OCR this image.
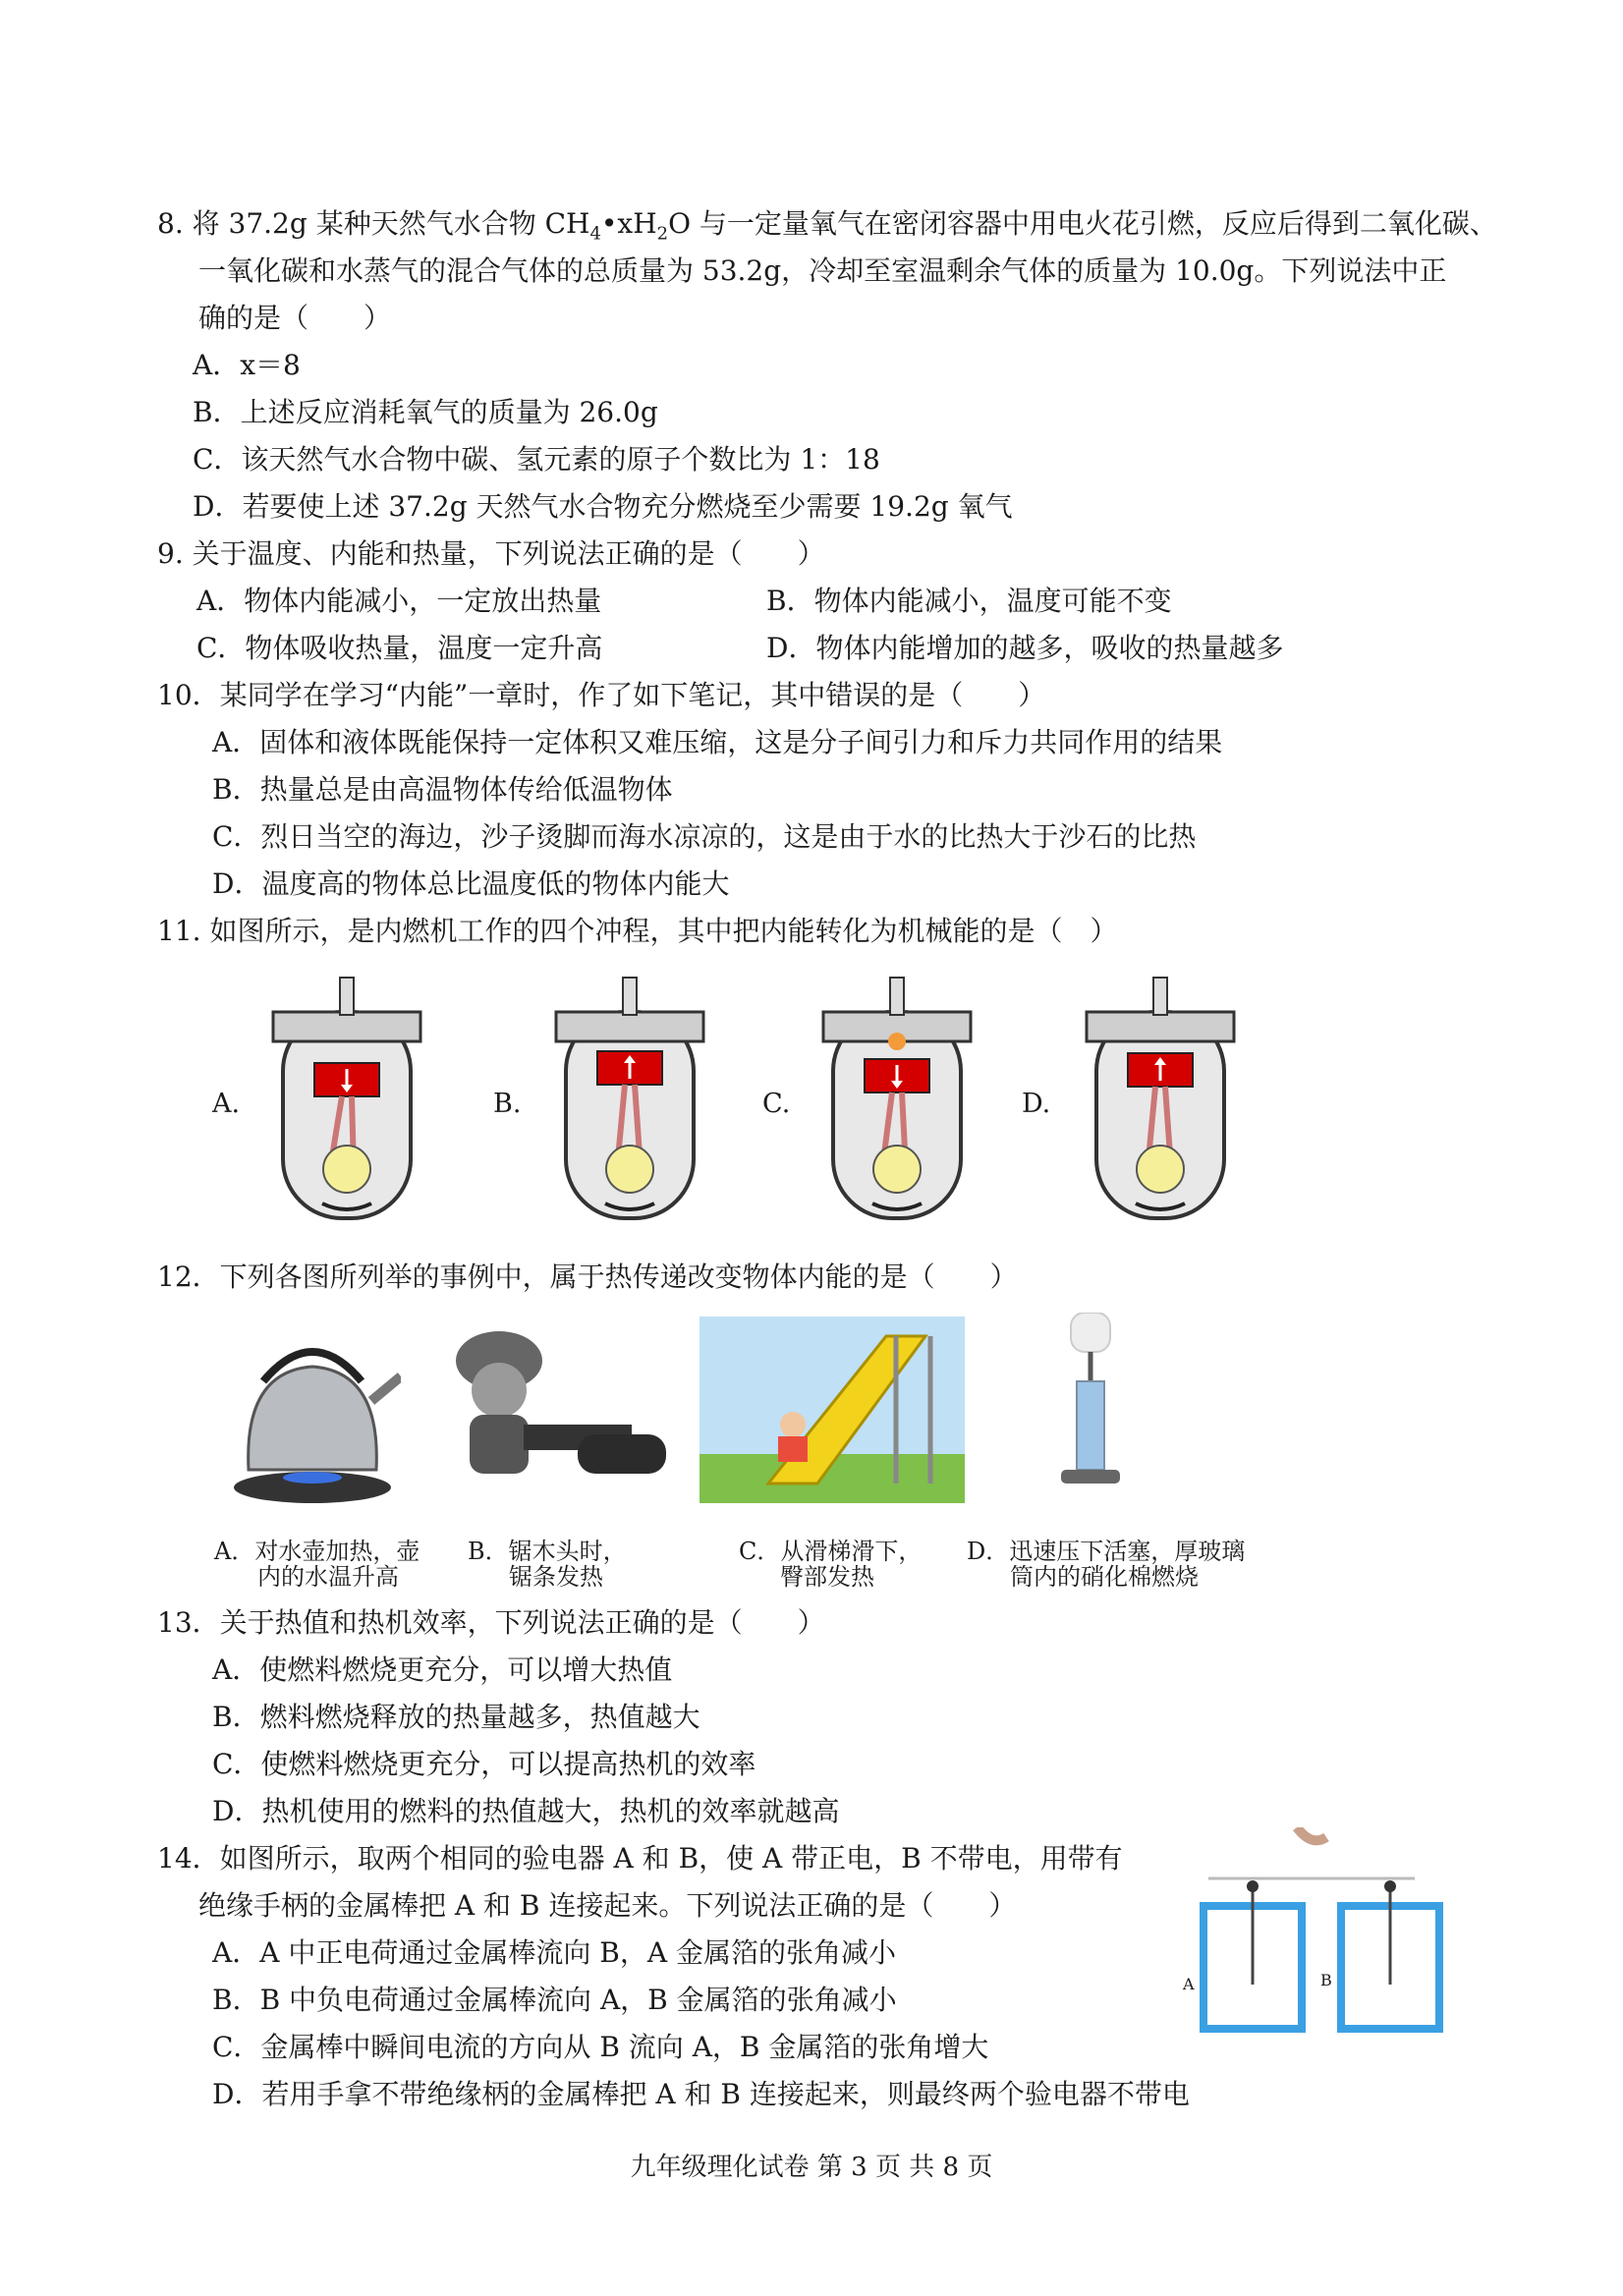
8. 将 37.2g 某种天然气水合物 $CH_4•xH_2O$ 与一定量氧气在密闭容器中用电火花引燃，反应后得到二氧化碳、
一氧化碳和水蒸气的混合气体的总质量为 53.2g，冷却至室温剩余气体的质量为 10.0g。下列说法中正
确的是（　　）
A．x＝8
B．上述反应消耗氧气的质量为 26.0g
C．该天然气水合物中碳、氢元素的原子个数比为 1：18
D．若要使上述 37.2g 天然气水合物充分燃烧至少需要 19.2g 氧气
9. 关于温度、内能和热量，下列说法正确的是（　　）
A．物体内能减小，一定放出热量	B．物体内能减小，温度可能不变
C．物体吸收热量，温度一定升高	D．物体内能增加的越多，吸收的热量越多
10．某同学在学习“内能”一章时，作了如下笔记，其中错误的是（　　）
A．固体和液体既能保持一定体积又难压缩，这是分子间引力和斥力共同作用的结果
B．热量总是由高温物体传给低温物体
C．烈日当空的海边，沙子烫脚而海水凉凉的，这是由于水的比热大于沙石的比热
D．温度高的物体总比温度低的物体内能大
11. 如图所示，是内燃机工作的四个冲程，其中把内能转化为机械能的是（　）
A.	B.	C.	D.
12．下列各图所列举的事例中，属于热传递改变物体内能的是（　　）
A．对水壶加热，壶
内的水温升高
B．锯木头时，
锯条发热
C．从滑梯滑下，
臀部发热
D．迅速压下活塞，厚玻璃
筒内的硝化棉燃烧
13．关于热值和热机效率，下列说法正确的是（　　）
A．使燃料燃烧更充分，可以增大热值
B．燃料燃烧释放的热量越多，热值越大
C．使燃料燃烧更充分，可以提高热机的效率
D．热机使用的燃料的热值越大，热机的效率就越高
14．如图所示，取两个相同的验电器 A 和 B，使 A 带正电，B 不带电，用带有
绝缘手柄的金属棒把 A 和 B 连接起来。下列说法正确的是（　　）
A．A 中正电荷通过金属棒流向 B，A 金属箔的张角减小
B．B 中负电荷通过金属棒流向 A，B 金属箔的张角减小
C．金属棒中瞬间电流的方向从 B 流向 A，B 金属箔的张角增大
D．若用手拿不带绝缘柄的金属棒把 A 和 B 连接起来，则最终两个验电器不带电
A	B
九年级理化试卷 第 3 页 共 8 页
